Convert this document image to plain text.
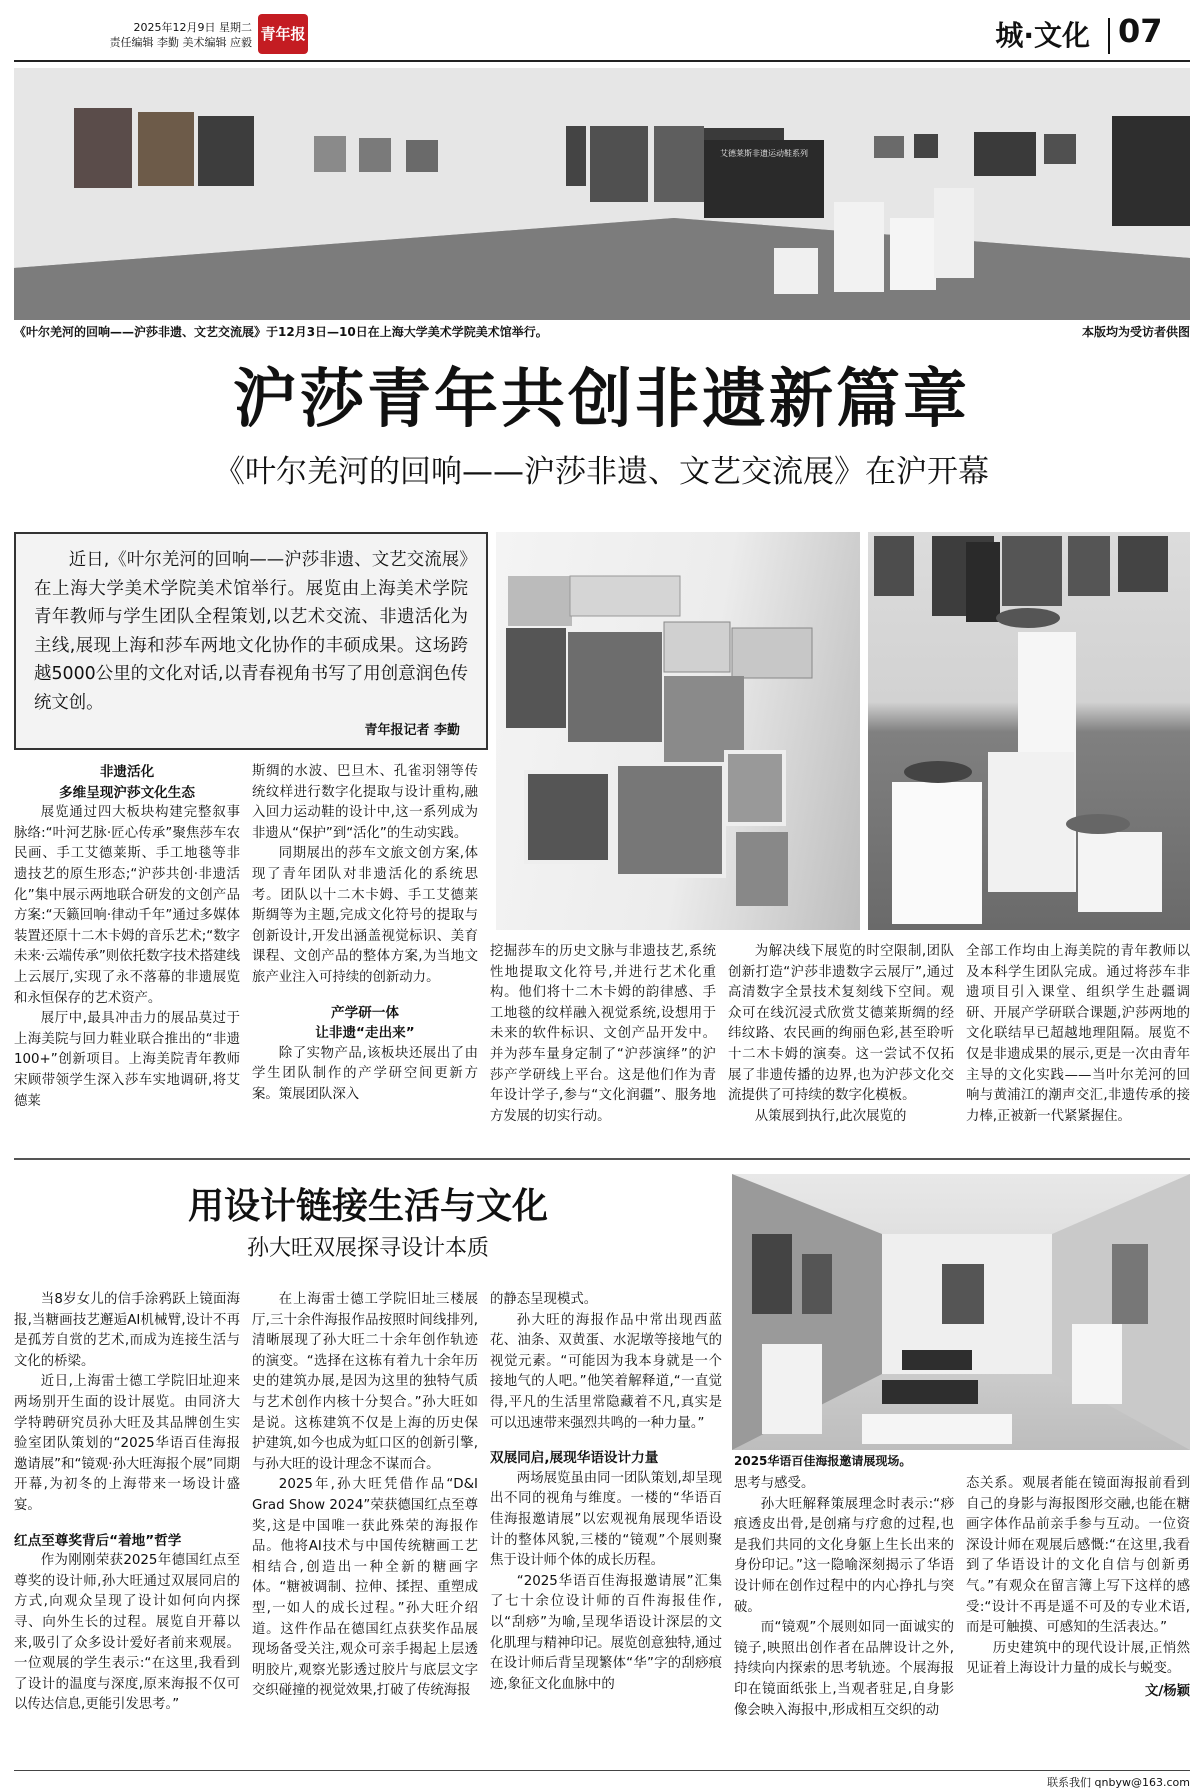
2025年12月9日 星期二
责任编辑 李勤 美术编辑 应毅 青年报	城·文化 07
艾德莱斯非遗运动鞋系列
《叶尔羌河的回响——沪莎非遗、文艺交流展》于12月3日—10日在上海大学美术学院美术馆举行。	本版均为受访者供图
沪莎青年共创非遗新篇章
《叶尔羌河的回响——沪莎非遗、文艺交流展》在沪开幕
近日,《叶尔羌河的回响——沪莎非遗、文艺交流展》在上海大学美术学院美术馆举行。展览由上海美术学院青年教师与学生团队全程策划,以艺术交流、非遗活化为主线,展现上海和莎车两地文化协作的丰硕成果。这场跨越5000公里的文化对话,以青春视角书写了用创意润色传统文创。
青年报记者 李勤
非遗活化
多维呈现沪莎文化生态

展览通过四大板块构建完整叙事脉络:“叶河艺脉·匠心传承”聚焦莎车农民画、手工艾德莱斯、手工地毯等非遗技艺的原生形态;“沪莎共创·非遗活化”集中展示两地联合研发的文创产品方案:“天籁回响·律动千年”通过多媒体装置还原十二木卡姆的音乐艺术;“数字未来·云端传承”则依托数字技术搭建线上云展厅,实现了永不落幕的非遗展览和永恒保存的艺术资产。

展厅中,最具冲击力的展品莫过于上海美院与回力鞋业联合推出的“非遗100+”创新项目。上海美院青年教师宋顾带领学生深入莎车实地调研,将艾德莱

斯绸的水波、巴旦木、孔雀羽翎等传统纹样进行数字化提取与设计重构,融入回力运动鞋的设计中,这一系列成为非遗从“保护”到“活化”的生动实践。

同期展出的莎车文旅文创方案,体现了青年团队对非遗活化的系统思考。团队以十二木卡姆、手工艾德莱斯绸等为主题,完成文化符号的提取与创新设计,开发出涵盖视觉标识、美育课程、文创产品的整体方案,为当地文旅产业注入可持续的创新动力。

产学研一体
让非遗“走出来”

除了实物产品,该板块还展出了由学生团队制作的产学研空间更新方案。策展团队深入

挖掘莎车的历史文脉与非遗技艺,系统性地提取文化符号,并进行艺术化重构。他们将十二木卡姆的韵律感、手工地毯的纹样融入视觉系统,设想用于未来的软件标识、文创产品开发中。并为莎车量身定制了“沪莎演绎”的沪莎产学研线上平台。这是他们作为青年设计学子,参与“文化润疆”、服务地方发展的切实行动。

为解决线下展览的时空限制,团队创新打造“沪莎非遗数字云展厅”,通过高清数字全景技术复刻线下空间。观众可在线沉浸式欣赏艾德莱斯绸的经纬纹路、农民画的绚丽色彩,甚至聆听十二木卡姆的演奏。这一尝试不仅拓展了非遗传播的边界,也为沪莎文化交流提供了可持续的数字化模板。

从策展到执行,此次展览的

全部工作均由上海美院的青年教师以及本科学生团队完成。通过将莎车非遗项目引入课堂、组织学生赴疆调研、开展产学研联合课题,沪莎两地的文化联结早已超越地理阻隔。展览不仅是非遗成果的展示,更是一次由青年主导的文化实践——当叶尔羌河的回响与黄浦江的潮声交汇,非遗传承的接力棒,正被新一代紧紧握住。

用设计链接生活与文化
孙大旺双展探寻设计本质
2025华语百佳海报邀请展现场。

当8岁女儿的信手涂鸦跃上镜面海报,当糖画技艺邂逅AI机械臂,设计不再是孤芳自赏的艺术,而成为连接生活与文化的桥梁。

近日,上海雷士德工学院旧址迎来两场别开生面的设计展览。由同济大学特聘研究员孙大旺及其品牌创生实验室团队策划的“2025华语百佳海报邀请展”和“镜观·孙大旺海报个展”同期开幕,为初冬的上海带来一场设计盛宴。

红点至尊奖背后“着地”哲学

作为刚刚荣获2025年德国红点至尊奖的设计师,孙大旺通过双展同启的方式,向观众呈现了设计如何向内探寻、向外生长的过程。展览自开幕以来,吸引了众多设计爱好者前来观展。一位观展的学生表示:“在这里,我看到了设计的温度与深度,原来海报不仅可以传达信息,更能引发思考。”

在上海雷士德工学院旧址三楼展厅,三十余件海报作品按照时间线排列,清晰展现了孙大旺二十余年创作轨迹的演变。“选择在这栋有着九十余年历史的建筑办展,是因为这里的独特气质与艺术创作内核十分契合。”孙大旺如是说。这栋建筑不仅是上海的历史保护建筑,如今也成为虹口区的创新引擎,与孙大旺的设计理念不谋而合。

2025年,孙大旺凭借作品“D&I Grad Show 2024”荣获德国红点至尊奖,这是中国唯一获此殊荣的海报作品。他将AI技术与中国传统糖画工艺相结合,创造出一种全新的糖画字体。“糖被调制、拉伸、揉捏、重塑成型,一如人的成长过程。”孙大旺介绍道。这件作品在德国红点获奖作品展现场备受关注,观众可亲手揭起上层透明胶片,观察光影透过胶片与底层文字交织碰撞的视觉效果,打破了传统海报

的静态呈现模式。

孙大旺的海报作品中常出现西蓝花、油条、双黄蛋、水泥墩等接地气的视觉元素。“可能因为我本身就是一个接地气的人吧。”他笑着解释道,“一直觉得,平凡的生活里常隐藏着不凡,真实是可以迅速带来强烈共鸣的一种力量。”

双展同启,展现华语设计力量

两场展览虽由同一团队策划,却呈现出不同的视角与维度。一楼的“华语百佳海报邀请展”以宏观视角展现华语设计的整体风貌,三楼的“镜观”个展则聚焦于设计师个体的成长历程。

“2025华语百佳海报邀请展”汇集了七十余位设计师的百件海报佳作,以“刮痧”为喻,呈现华语设计深层的文化肌理与精神印记。展览创意独特,通过在设计师后背呈现繁体“华”字的刮痧痕迹,象征文化血脉中的

思考与感受。

孙大旺解释策展理念时表示:“痧痕透皮出骨,是创痛与疗愈的过程,也是我们共同的文化身躯上生长出来的身份印记。”这一隐喻深刻揭示了华语设计师在创作过程中的内心挣扎与突破。

而“镜观”个展则如同一面诚实的镜子,映照出创作者在品牌设计之外,持续向内探索的思考轨迹。个展海报印在镜面纸张上,当观者驻足,自身影像会映入海报中,形成相互交织的动

态关系。观展者能在镜面海报前看到自己的身影与海报图形交融,也能在糖画字体作品前亲手参与互动。一位资深设计师在观展后感慨:“在这里,我看到了华语设计的文化自信与创新勇气。”有观众在留言簿上写下这样的感受:“设计不再是遥不可及的专业术语,而是可触摸、可感知的生活表达。”

历史建筑中的现代设计展,正悄然见证着上海设计力量的成长与蜕变。

文/杨颖
联系我们 qnbyw@163.com
